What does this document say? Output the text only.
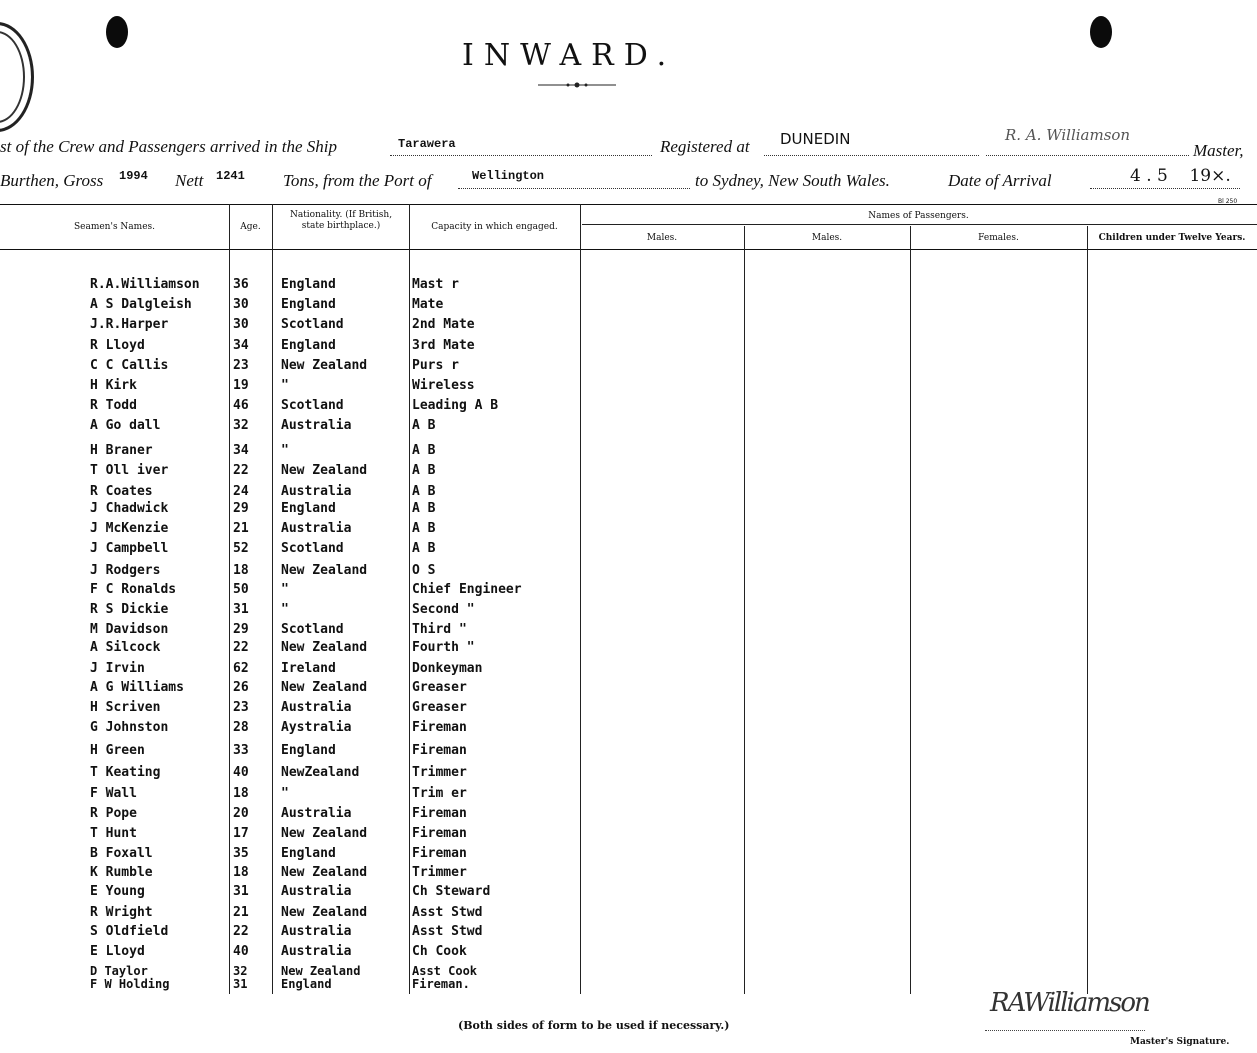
INWARD.
st of the Crew and Passengers arrived in the Ship	Tarawera	Registered at DUNEDIN	R. A. Williamson
Master,
Burthen, Gross 1994 Nett 1241 Tons, from the Port of	Wellington	to Sydney, New South Wales.	Date of Arrival	4 . 5    19×.
Bl 250
Seamen's Names.	Age.
Nationality. (If British, state birthplace.)	Capacity in which engaged.
Names of Passengers.
Males.	Males.	Females.	Children under Twelve Years.
R.A.Williamson	36 England	Mast r
A S Dalgleish	30 England	Mate
J.R.Harper	30 Scotland	2nd Mate
R Lloyd	34 England	3rd Mate
C C Callis	23 New Zealand	Purs r
H Kirk	19 "	Wireless
R Todd	46 Scotland	Leading A B
A Go dall	32 Australia	A B
H Braner	34 "	A B
T Oll iver	22 New Zealand	A B
R Coates	24 Australia	A B
J Chadwick	29 England	A B
J McKenzie	21 Australia	A B
J Campbell	52 Scotland	A B
J Rodgers	18 New Zealand	O S
F C Ronalds	50 "	Chief Engineer
R S Dickie	31 "	Second "
M Davidson	29 Scotland	Third "
A Silcock	22 New Zealand	Fourth "
J Irvin	62 Ireland	Donkeyman
A G Williams	26 New Zealand	Greaser
H Scriven	23 Australia	Greaser
G Johnston	28 Aystralia	Fireman
H Green	33 England	Fireman
T Keating	40 NewZealand	Trimmer
F Wall	18 "	Trim er
R Pope	20 Australia	Fireman
T Hunt	17 New Zealand	Fireman
B Foxall	35 England	Fireman
K Rumble	18 New Zealand	Trimmer
E Young	31 Australia	Ch Steward
R Wright	21 New Zealand	Asst Stwd
S Oldfield	22 Australia	Asst Stwd
E Lloyd	40 Australia	Ch Cook
D Taylor	32	New Zealand	Asst Cook
F W Holding	31	England	Fireman.
(Both sides of form to be used if necessary.)
RAWilliamson
Master's Signature.
